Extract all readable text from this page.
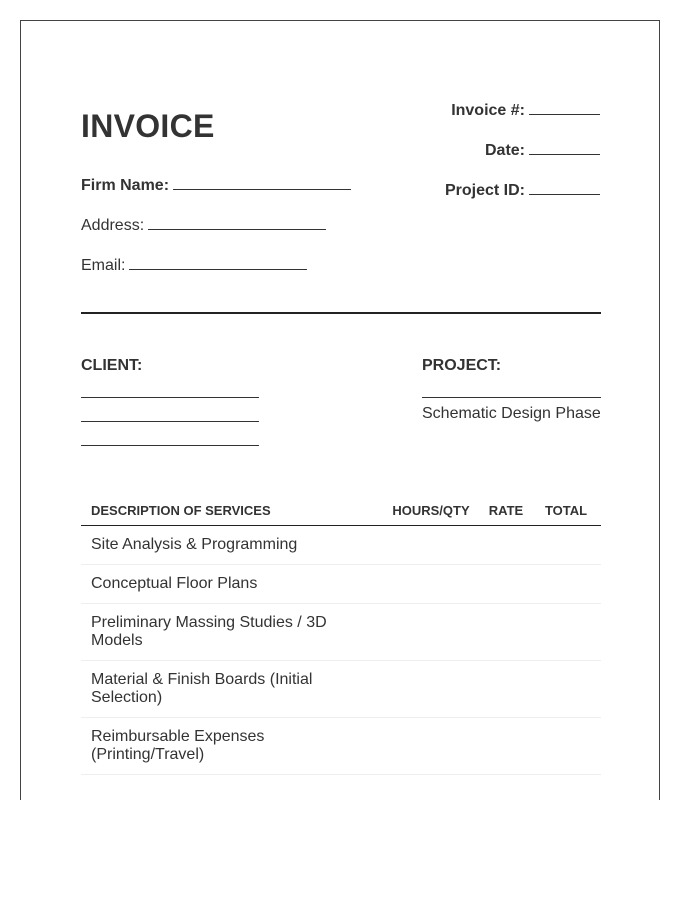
INVOICE
Firm Name:
Address:
Email:
Invoice #:
Date:
Project ID:
CLIENT:	PROJECT:
Schematic Design Phase
DESCRIPTION OF SERVICES	HOURS/QTY	RATE	TOTAL
Site Analysis & Programming			
Conceptual Floor Plans			
Preliminary Massing Studies / 3D Models			
Material & Finish Boards (Initial Selection)			
Reimbursable Expenses (Printing/Travel)			
